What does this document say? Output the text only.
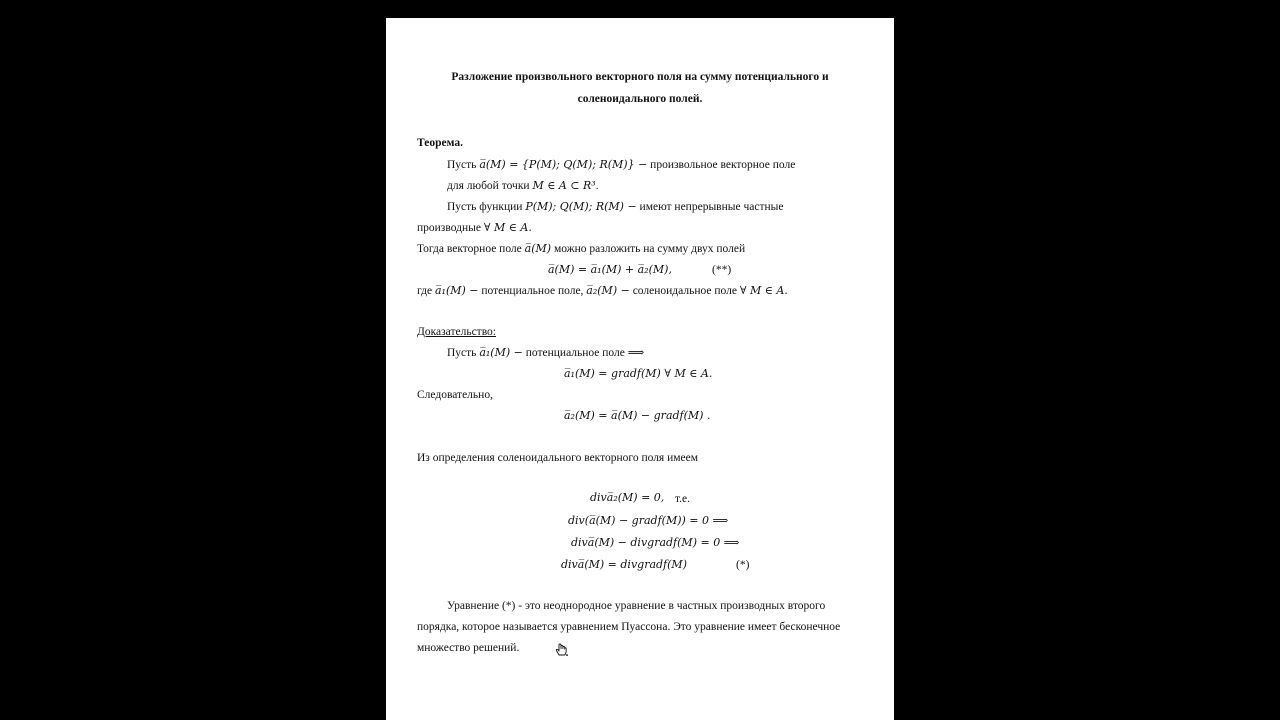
Разложение произвольного векторного поля на сумму потенциального и
соленоидального полей.
Теорема.
Пусть a̅(M) = {P(M); Q(M); R(M)} − произвольное векторное поле
для любой точки M ∈ A ⊂ R³.
Пусть функции P(M); Q(M); R(M) − имеют непрерывные частные
производные ∀ M ∈ A.
Тогда векторное поле a̅(M) можно разложить на сумму двух полей
a̅(M) = a̅₁(M) + a̅₂(M),	(**)
где a̅₁(M) − потенциальное поле, a̅₂(M) − соленоидальное поле ∀ M ∈ A.
Доказательство:
Пусть a̅₁(M) − потенциальное поле ⟹
a̅₁(M) = gradf(M) ∀ M ∈ A.
Следовательно,
a̅₂(M) = a̅(M) − gradf(M) .
Из определения соленоидального векторного поля имеем
diva̅₂(M) = 0, т.е.
div(a̅(M) − gradf(M)) = 0 ⟹
diva̅(M) − divgradf(M) = 0 ⟹
diva̅(M) = divgradf(M)	(*)
Уравнение (*) - это неоднородное уравнение в частных производных второго
порядка, которое называется уравнением Пуассона. Это уравнение имеет бесконечное
множество решений.
